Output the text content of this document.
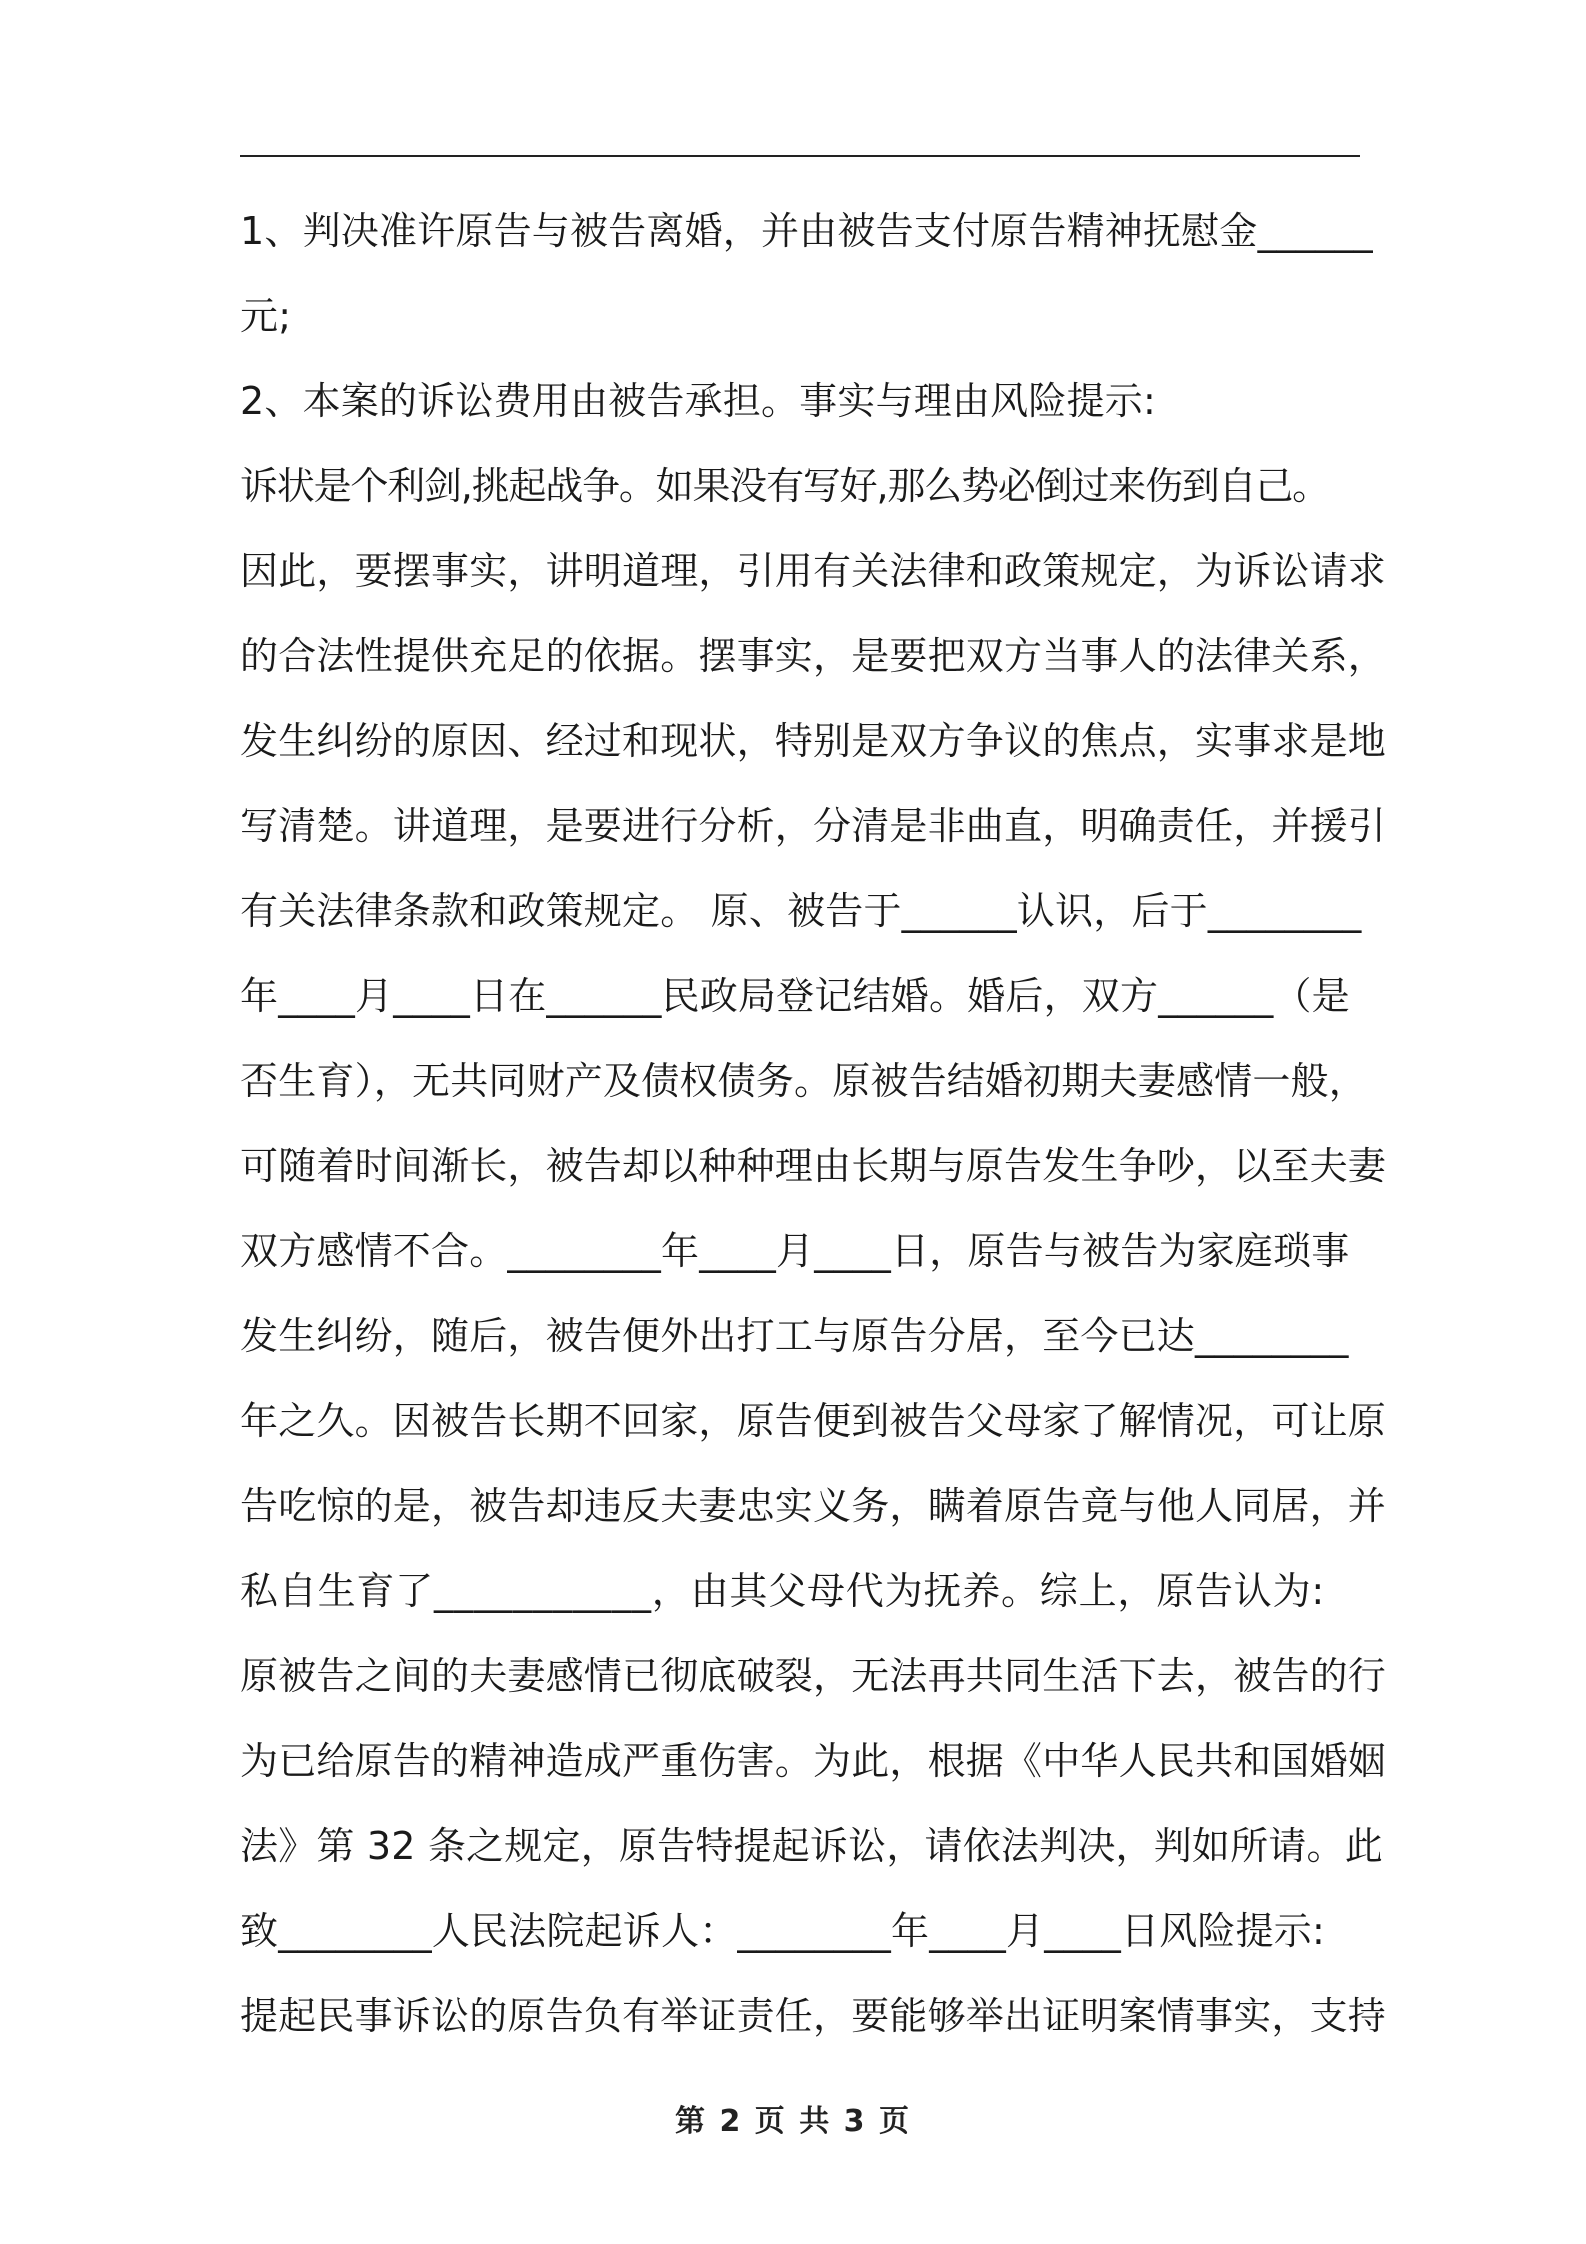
1、判决准许原告与被告离婚，并由被告支付原告精神抚慰金______
元;
2、本案的诉讼费用由被告承担。事实与理由风险提示:
诉状是个利剑,挑起战争。如果没有写好,那么势必倒过来伤到自己。
因此，要摆事实，讲明道理，引用有关法律和政策规定，为诉讼请求
的合法性提供充足的依据。摆事实，是要把双方当事人的法律关系，
发生纠纷的原因、经过和现状，特别是双方争议的焦点，实事求是地
写清楚。讲道理，是要进行分析，分清是非曲直，明确责任，并援引
有关法律条款和政策规定。 原、被告于______认识，后于________
年____月____日在______民政局登记结婚。婚后，双方______（是
否生育），无共同财产及债权债务。原被告结婚初期夫妻感情一般，
可随着时间渐长，被告却以种种理由长期与原告发生争吵，以至夫妻
双方感情不合。________年____月____日，原告与被告为家庭琐事
发生纠纷，随后，被告便外出打工与原告分居，至今已达________
年之久。因被告长期不回家，原告便到被告父母家了解情况，可让原
告吃惊的是，被告却违反夫妻忠实义务，瞒着原告竟与他人同居，并
私自生育了___________，由其父母代为抚养。综上，原告认为:
原被告之间的夫妻感情已彻底破裂，无法再共同生活下去，被告的行
为已给原告的精神造成严重伤害。为此，根据《中华人民共和国婚姻
法》第 32 条之规定，原告特提起诉讼，请依法判决，判如所请。此
致________人民法院起诉人：________年____月____日风险提示:
提起民事诉讼的原告负有举证责任，要能够举出证明案情事实，支持
第 2 页 共 3 页
